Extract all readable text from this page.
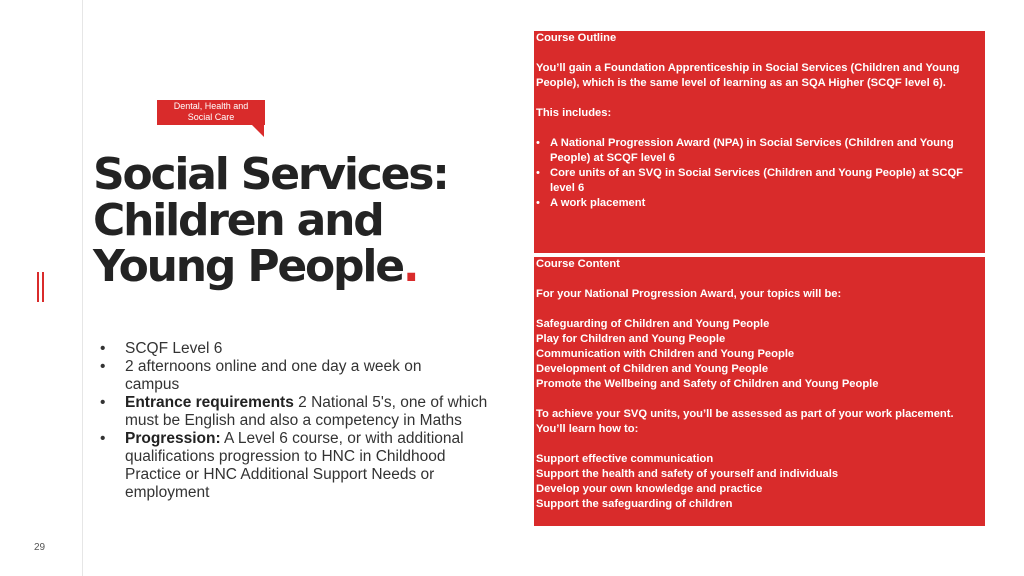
Dental, Health and
Social Care
Social Services:
Children and
Young People.
• SCQF Level 6
• 2 afternoons online and one day a week on
campus
• Entrance requirements 2 National 5's, one of which must be English and also a competency in Maths
• Progression: A Level 6 course, or with additional qualifications progression to HNC in Childhood Practice or HNC Additional Support Needs or employment

Course Outline

You’ll gain a Foundation Apprenticeship in Social Services (Children and Young People), which is the same level of learning as an SQA Higher (SCQF level 6).

This includes:

• A National Progression Award (NPA) in Social Services (Children and Young People) at SCQF level 6
• Core units of an SVQ in Social Services (Children and Young People) at SCQF level 6
• A work placement

Course Content

For your National Progression Award, your topics will be:

Safeguarding of Children and Young People

Play for Children and Young People

Communication with Children and Young People

Development of Children and Young People

Promote the Wellbeing and Safety of Children and Young People

To achieve your SVQ units, you’ll be assessed as part of your work placement. You’ll learn how to:

Support effective communication

Support the health and safety of yourself and individuals

Develop your own knowledge and practice

Support the safeguarding of children

29
